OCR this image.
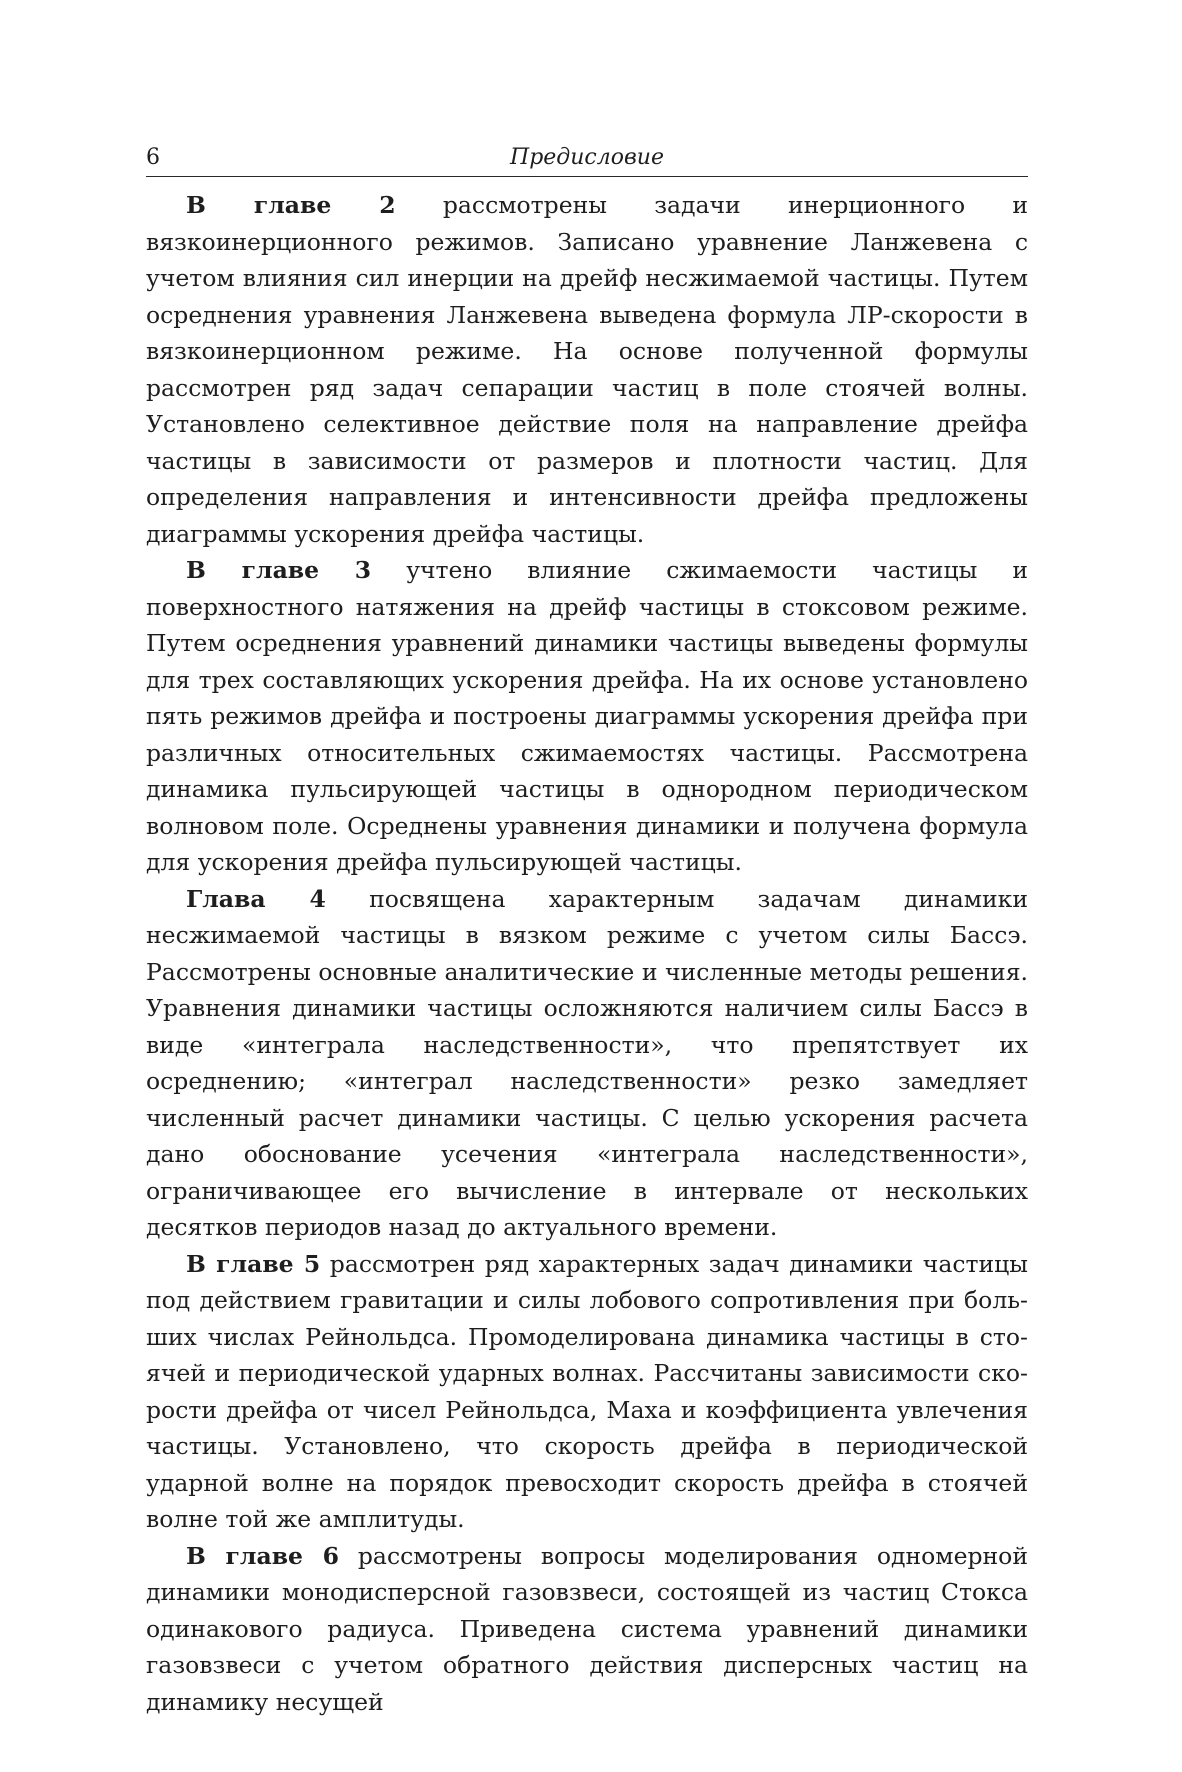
6	Предисловие

В главе 2 рассмотрены задачи инерционного и вязкоинерционного режимов. Записано уравнение Ланжевена с учетом влияния сил инерции на дрейф несжимаемой частицы. Путем осреднения уравнения Ланжевена выведена формула ЛР-скорости в вязкоинерционном режиме. На основе полученной формулы рассмотрен ряд задач сепарации частиц в поле стоячей волны. Установлено селективное действие поля на направление дрейфа частицы в зависимости от размеров и плотности частиц. Для определения направления и интенсивности дрейфа предложены диаграммы ускорения дрейфа частицы.

В главе 3 учтено влияние сжимаемости частицы и поверхностного натяжения на дрейф частицы в стоксовом режиме. Путем осреднения уравнений динамики частицы выведены формулы для трех составляющих ускорения дрейфа. На их основе установлено пять режимов дрейфа и построены диаграммы ускорения дрейфа при различных относительных сжимаемостях частицы. Рассмотрена динамика пульсирующей частицы в однородном периодическом волновом поле. Осреднены уравнения динамики и получена формула для ускорения дрейфа пульсирующей частицы.

Глава 4 посвящена характерным задачам динамики несжимаемой частицы в вязком режиме с учетом силы Бассэ. Рассмотрены основные аналитические и численные методы решения. Уравнения динамики частицы осложняются наличием силы Бассэ в виде «интеграла наследственности», что препятствует их осреднению; «интеграл наследственности» резко замедляет численный расчет динамики частицы. С целью ускорения расчета дано обоснование усечения «интеграла наследственности», ограничивающее его вычисление в интервале от нескольких десятков периодов назад до актуального времени.

В главе 5 рассмотрен ряд характерных задач динамики частицы под действием гравитации и силы лобового сопротивления при больших числах Рейнольдса. Промоделирована динамика частицы в стоячей и периодической ударных волнах. Рассчитаны зависимости скорости дрейфа от чисел Рейнольдса, Маха и коэффициента увлечения частицы. Установлено, что скорость дрейфа в периодической ударной волне на порядок превосходит скорость дрейфа в стоячей волне той же амплитуды.

В главе 6 рассмотрены вопросы моделирования одномерной динамики монодисперсной газовзвеси, состоящей из частиц Стокса одинакового радиуса. Приведена система уравнений динамики газовзвеси с учетом обратного действия дисперсных частиц на динамику несущей
